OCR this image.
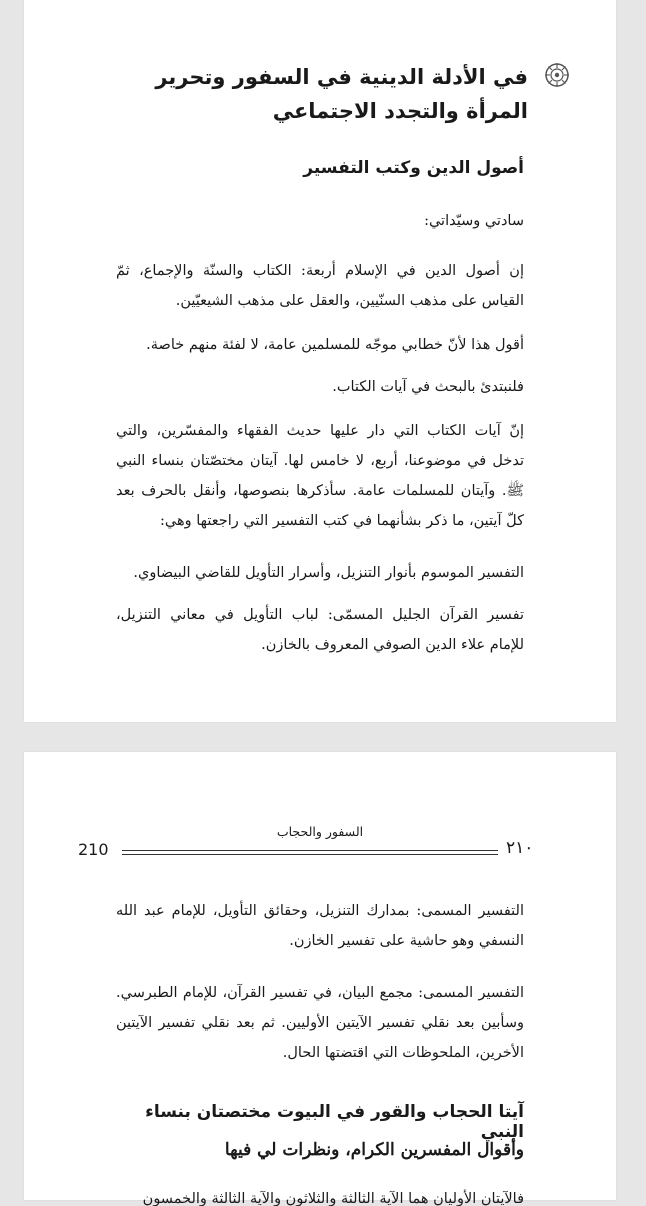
في الأدلة الدينية في السفور وتحرير المرأة والتجدد الاجتماعي
أصول الدين وكتب التفسير
سادتي وسيّداتي:
إن أصول الدين في الإسلام أربعة: الكتاب والسنّة والإجماع، ثمّ القياس على مذهب السنّيين، والعقل على مذهب الشيعيّين.
أقول هذا لأنّ خطابي موجّه للمسلمين عامة، لا لفئة منهم خاصة.
فلنبتدئ بالبحث في آيات الكتاب.
إنّ آيات الكتاب التي دار عليها حديث الفقهاء والمفسّرين، والتي تدخل في موضوعنا، أربع، لا خامس لها. آيتان مختصّتان بنساء النبي ﷺ. وآيتان للمسلمات عامة. سأذكرها بنصوصها، وأنقل بالحرف بعد كلّ آيتين، ما ذكر بشأنهما في كتب التفسير التي راجعتها وهي:
التفسير الموسوم بأنوار التنزيل، وأسرار التأويل للقاضي البيضاوي.
تفسير القرآن الجليل المسمّى: لباب التأويل في معاني التنزيل، للإمام علاء الدين الصوفي المعروف بالخازن.
السفور والحجاب
210	٢١٠
التفسير المسمى: بمدارك التنزيل، وحقائق التأويل، للإمام عبد الله النسفي وهو حاشية على تفسير الخازن.
التفسير المسمى: مجمع البيان، في تفسير القرآن، للإمام الطبرسي. وسأبين بعد نقلي تفسير الآيتين الأوليين. ثم بعد نقلي تفسير الآيتين الأخرين، الملحوظات التي اقتضتها الحال.
آيتا الحجاب والقور في البيوت مختصتان بنساء النبي
وأقوال المفسرين الكرام، ونظرات لي فيها
فالآيتان الأوليان هما الآية الثالثة والثلاثون والآية الثالثة والخمسون
